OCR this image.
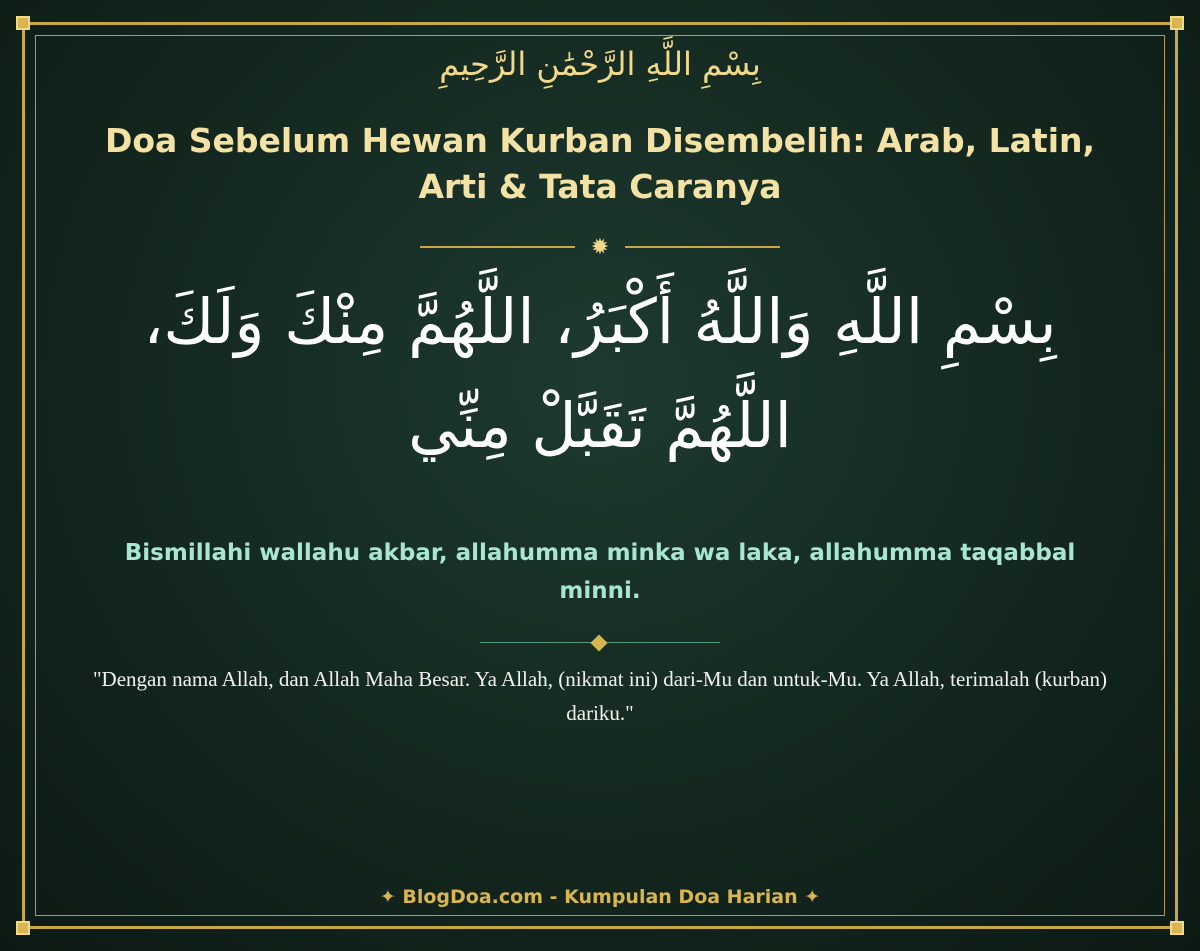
بِسْمِ اللَّهِ الرَّحْمَٰنِ الرَّحِيمِ
Doa Sebelum Hewan Kurban Disembelih: Arab, Latin, Arti & Tata Caranya
✹
بِسْمِ اللَّهِ وَاللَّهُ أَكْبَرُ، اللَّهُمَّ مِنْكَ وَلَكَ، اللَّهُمَّ تَقَبَّلْ مِنِّي
Bismillahi wallahu akbar, allahumma minka wa laka, allahumma taqabbal minni.
"Dengan nama Allah, dan Allah Maha Besar. Ya Allah, (nikmat ini) dari-Mu dan untuk-Mu. Ya Allah, terimalah (kurban) dariku."
✦ BlogDoa.com - Kumpulan Doa Harian ✦
